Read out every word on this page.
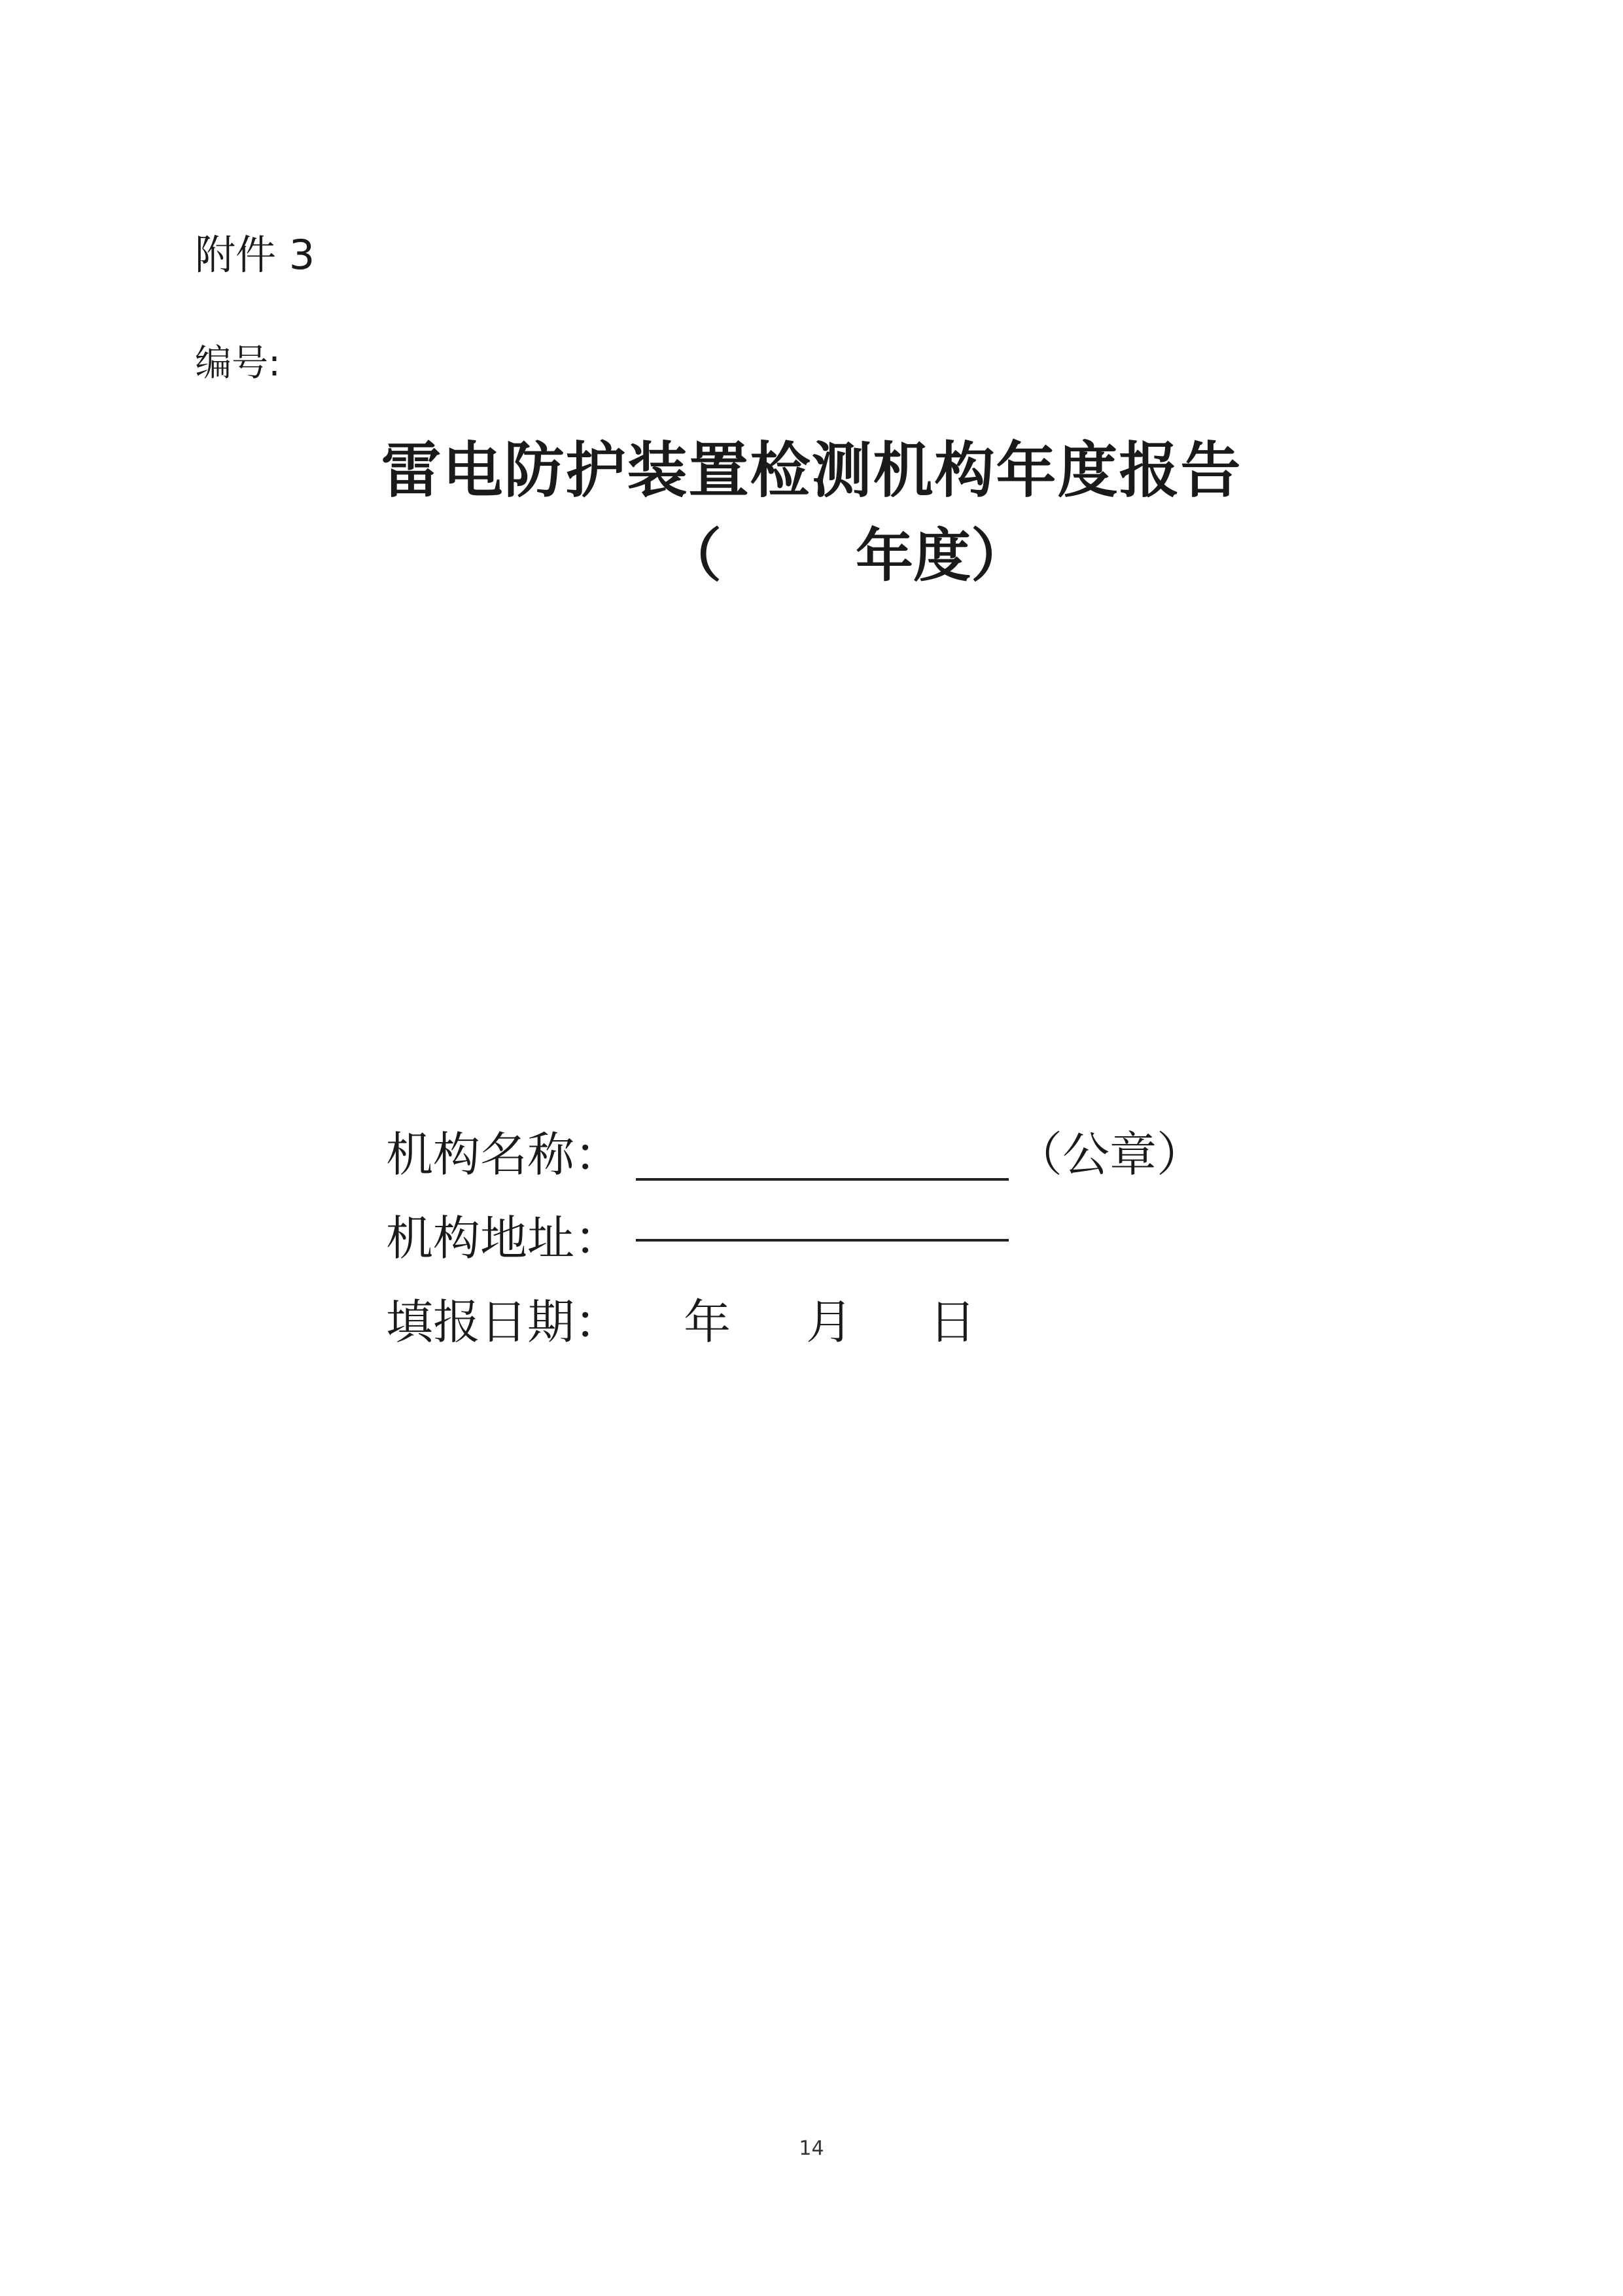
附件 3
编号:
雷电防护装置检测机构年度报告
（ 年度）
机构名称：	（公章）
机构地址：
填报日期： 年 月 日
14
